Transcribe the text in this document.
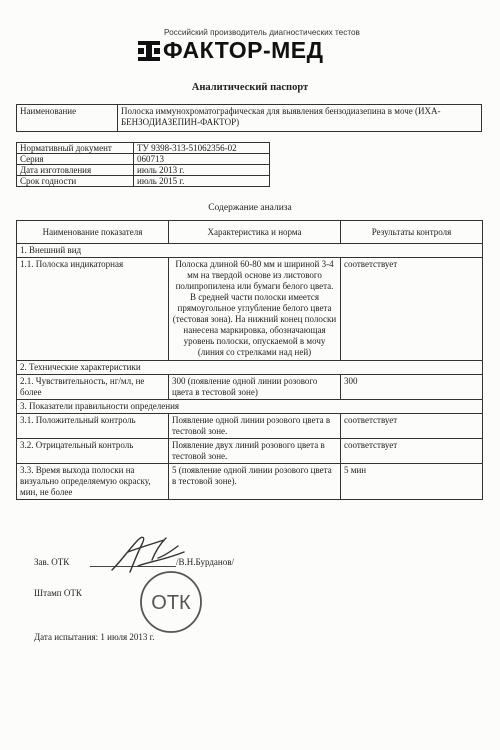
Российский производитель диагностических тестов
ФАКТОР-МЕД
Аналитический паспорт
Наименование	Полоска иммунохроматографическая для выявления бензодиазепина в моче (ИХА-БЕНЗОДИАЗЕПИН-ФАКТОР)
Нормативный документ	ТУ 9398-313-51062356-02
Серия	060713
Дата изготовления	июль 2013 г.
Срок годности	июль 2015 г.
Содержание анализа
Наименование показателя	Характеристика и норма	Результаты контроля
1. Внешний вид		
1.1. Полоска индикаторная	Полоска длиной 60-80 мм и шириной 3-4 мм на твердой основе из листового полипропилена или бумаги белого цвета. В средней части полоски имеется прямоугольное углубление белого цвета (тестовая зона). На нижний конец полоски нанесена маркировка, обозначающая уровень полоски, опускаемой в мочу (линия со стрелками над ней)	соответствует
2. Технические характеристики		
2.1. Чувствительность, нг/мл, не более	300 (появление одной линии розового цвета в тестовой зоне)	300
3. Показатели правильности определения		
3.1. Положительный контроль	Появление одной линии розового цвета в тестовой зоне.	соответствует
3.2. Отрицательный контроль	Появление двух линий розового цвета в тестовой зоне.	соответствует
3.3. Время выхода полоски на визуально определяемую окраску, мин, не более	5 (появление одной линии розового цвета в тестовой зоне).	5 мин
Зав. ОТК	/В.Н.Бурданов/
Штамп ОТК	ОТК
Дата испытания: 1 июля 2013 г.
